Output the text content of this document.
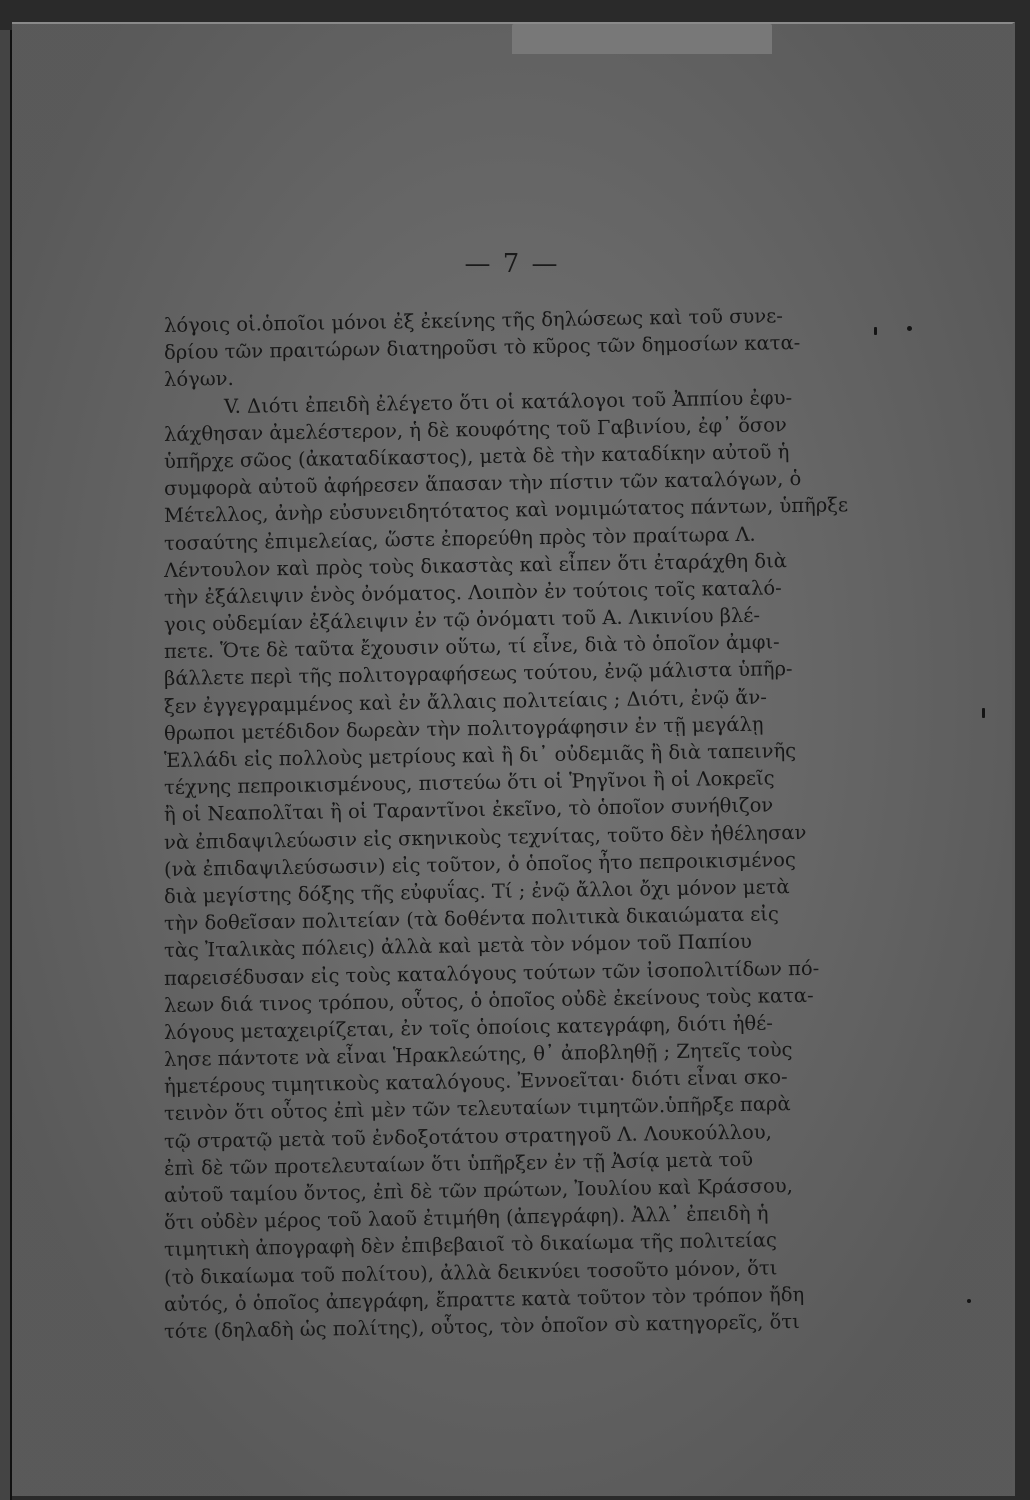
— 7 —
λόγοις οἱ.ὁποῖοι μόνοι ἐξ ἐκείνης τῆς δηλώσεως καὶ τοῦ συνε-
δρίου τῶν πραιτώρων διατηροῦσι τὸ κῦρος τῶν δημοσίων κατα-
λόγων.
V. Διότι ἐπειδὴ ἐλέγετο ὅτι οἱ κατάλογοι τοῦ Ἀππίου ἐφυ-
λάχθησαν ἀμελέστερον, ἡ δὲ κουφότης τοῦ Γαβινίου, ἐφ᾽ ὅσον
ὑπῆρχε σῶος (ἀκαταδίκαστος), μετὰ δὲ τὴν καταδίκην αὐτοῦ ἡ
συμφορὰ αὐτοῦ ἀφήρεσεν ἅπασαν τὴν πίστιν τῶν καταλόγων, ὁ
Μέτελλος, ἀνὴρ εὐσυνειδητότατος καὶ νομιμώτατος πάντων, ὑπῆρξε
τοσαύτης ἐπιμελείας, ὥστε ἐπορεύθη πρὸς τὸν πραίτωρα Λ.
Λέντουλον καὶ πρὸς τοὺς δικαστὰς καὶ εἶπεν ὅτι ἐταράχθη διὰ
τὴν ἐξάλειψιν ἑνὸς ὀνόματος. Λοιπὸν ἐν τούτοις τοῖς καταλό-
γοις οὐδεμίαν ἐξάλειψιν ἐν τῷ ὀνόματι τοῦ Α. Λικινίου βλέ-
πετε. Ὅτε δὲ ταῦτα ἔχουσιν οὕτω, τί εἶνε, διὰ τὸ ὁποῖον ἀμφι-
βάλλετε περὶ τῆς πολιτογραφήσεως τούτου, ἐνῷ μάλιστα ὑπῆρ-
ξεν ἐγγεγραμμένος καὶ ἐν ἄλλαις πολιτείαις ; Διότι, ἐνῷ ἄν-
θρωποι μετέδιδον δωρεὰν τὴν πολιτογράφησιν ἐν τῇ μεγάλῃ
Ἑλλάδι εἰς πολλοὺς μετρίους καὶ ἢ δι᾽ οὐδεμιᾶς ἢ διὰ ταπεινῆς
τέχνης πεπροικισμένους, πιστεύω ὅτι οἱ Ῥηγῖνοι ἢ οἱ Λοκρεῖς
ἢ οἱ Νεαπολῖται ἢ οἱ Ταραντῖνοι ἐκεῖνο, τὸ ὁποῖον συνήθιζον
νὰ ἐπιδαψιλεύωσιν εἰς σκηνικοὺς τεχνίτας, τοῦτο δὲν ἠθέλησαν
(νὰ ἐπιδαψιλεύσωσιν) εἰς τοῦτον, ὁ ὁποῖος ἦτο πεπροικισμένος
διὰ μεγίστης δόξης τῆς εὐφυΐας. Τί ; ἐνῷ ἄλλοι ὄχι μόνον μετὰ
τὴν δοθεῖσαν πολιτείαν (τὰ δοθέντα πολιτικὰ δικαιώματα εἰς
τὰς Ἰταλικὰς πόλεις) ἀλλὰ καὶ μετὰ τὸν νόμον τοῦ Παπίου
παρεισέδυσαν εἰς τοὺς καταλόγους τούτων τῶν ἰσοπολιτίδων πό-
λεων διά τινος τρόπου, οὗτος, ὁ ὁποῖος οὐδὲ ἐκείνους τοὺς κατα-
λόγους μεταχειρίζεται, ἐν τοῖς ὁποίοις κατεγράφη, διότι ἠθέ-
λησε πάντοτε νὰ εἶναι Ἡρακλεώτης, θ᾽ ἀποβληθῇ ; Ζητεῖς τοὺς
ἡμετέρους τιμητικοὺς καταλόγους. Ἐννοεῖται· διότι εἶναι σκο-
τεινὸν ὅτι οὗτος ἐπὶ μὲν τῶν τελευταίων τιμητῶν.ὑπῆρξε παρὰ
τῷ στρατῷ μετὰ τοῦ ἐνδοξοτάτου στρατηγοῦ Λ. Λουκούλλου,
ἐπὶ δὲ τῶν προτελευταίων ὅτι ὑπῆρξεν ἐν τῇ Ἀσίᾳ μετὰ τοῦ
αὐτοῦ ταμίου ὄντος, ἐπὶ δὲ τῶν πρώτων, Ἰουλίου καὶ Κράσσου,
ὅτι οὐδὲν μέρος τοῦ λαοῦ ἐτιμήθη (ἀπεγράφη). Ἀλλ᾽ ἐπειδὴ ἡ
τιμητικὴ ἀπογραφὴ δὲν ἐπιβεβαιοῖ τὸ δικαίωμα τῆς πολιτείας
(τὸ δικαίωμα τοῦ πολίτου), ἀλλὰ δεικνύει τοσοῦτο μόνον, ὅτι
αὐτός, ὁ ὁποῖος ἀπεγράφη, ἔπραττε κατὰ τοῦτον τὸν τρόπον ἤδη
τότε (δηλαδὴ ὡς πολίτης), οὗτος, τὸν ὁποῖον σὺ κατηγορεῖς, ὅτι
